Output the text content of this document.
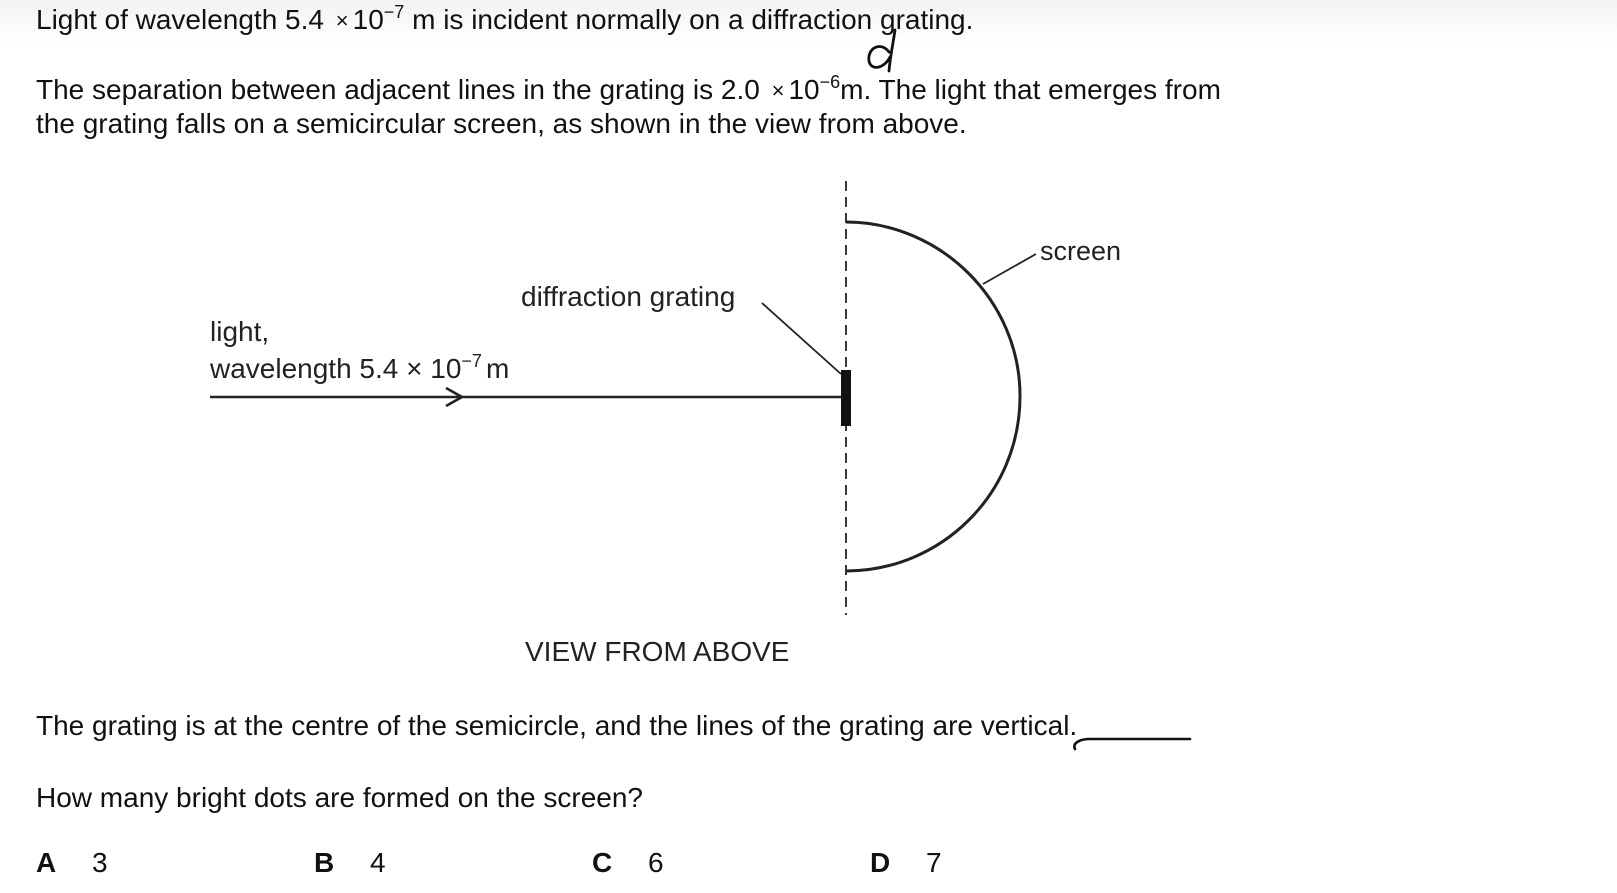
Light of wavelength $5.4 \times 10^{-7}$ m is incident normally on a diffraction grating.
The separation between adjacent lines in the grating is $2.0 \times 10^{-6}m$. The light that emerges from
the grating falls on a semicircular screen, as shown in the view from above.
screen
diffraction grating
light,
wavelength $5.4 \times 10^{-7}$ m
VIEW FROM ABOVE
The grating is at the centre of the semicircle, and the lines of the grating are vertical.
How many bright dots are formed on the screen?
A 3	B 4	C 6	D 7
